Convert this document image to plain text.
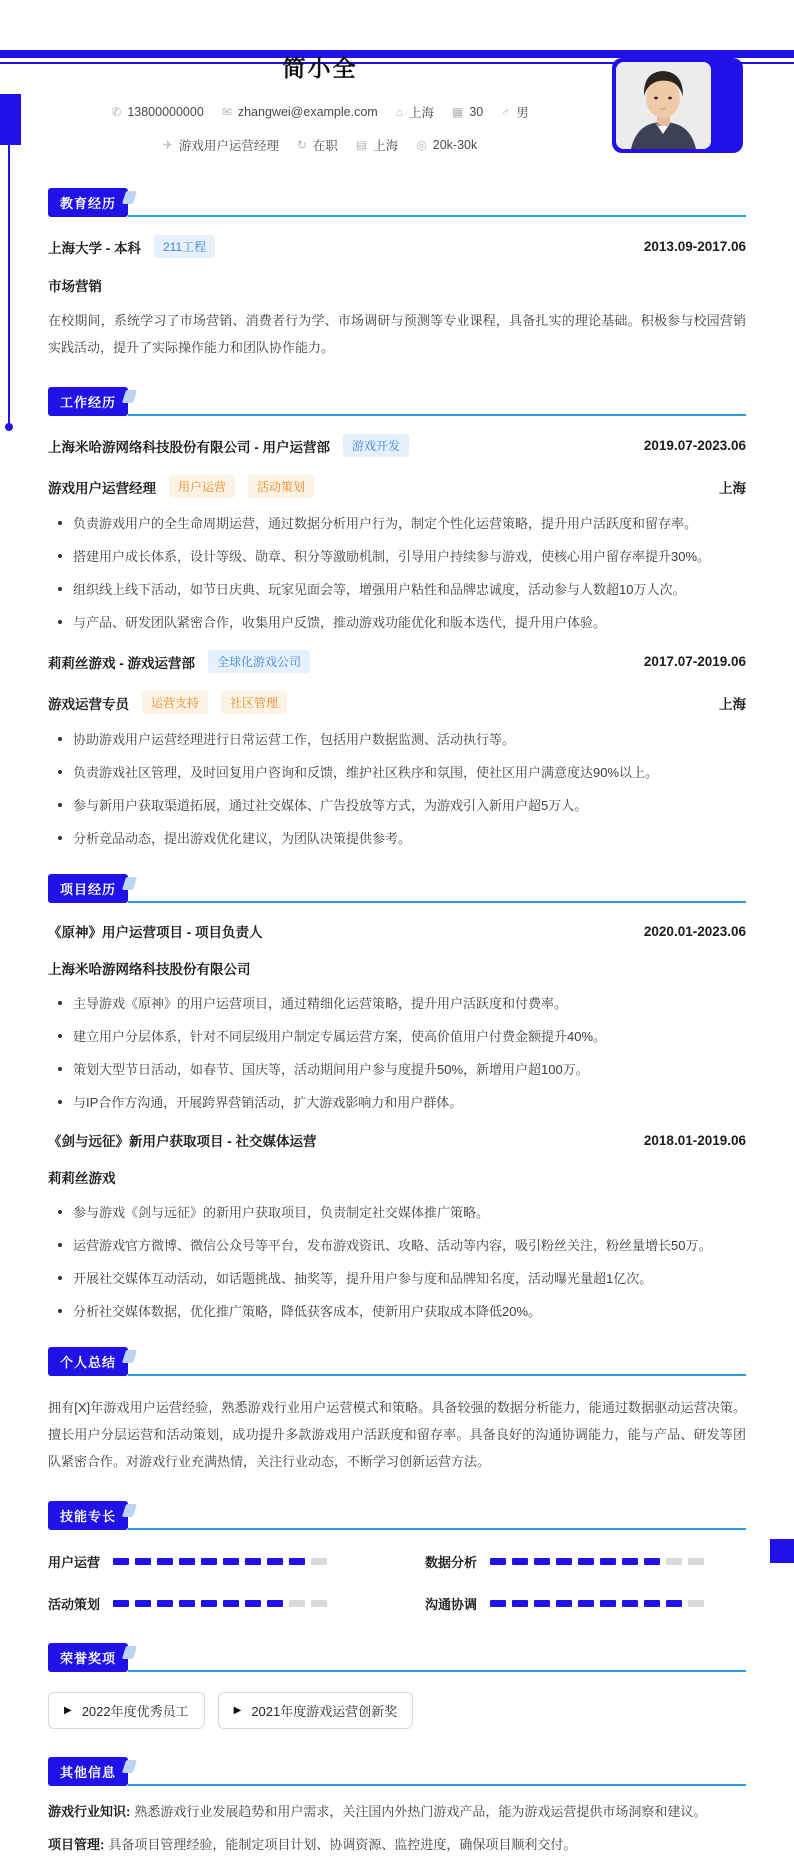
简小全
✆ 13800000000 ✉ zhangwei@example.com ⌂ 上海 ▦ 30 ♂ 男
✈ 游戏用户运营经理 ↻ 在职 ▤ 上海 ◎ 20k-30k
教育经历
上海大学 - 本科	211工程	2013.09-2017.06
市场营销
在校期间，系统学习了市场营销、消费者行为学、市场调研与预测等专业课程，具备扎实的理论基础。积极参与校园营销实践活动，提升了实际操作能力和团队协作能力。
工作经历
上海米哈游网络科技股份有限公司 - 用户运营部	游戏开发	2019.07-2023.06
游戏用户运营经理	用户运营	活动策划	上海
负责游戏用户的全生命周期运营，通过数据分析用户行为，制定个性化运营策略，提升用户活跃度和留存率。
搭建用户成长体系，设计等级、勋章、积分等激励机制，引导用户持续参与游戏，使核心用户留存率提升30%。
组织线上线下活动，如节日庆典、玩家见面会等，增强用户粘性和品牌忠诚度，活动参与人数超10万人次。
与产品、研发团队紧密合作，收集用户反馈，推动游戏功能优化和版本迭代，提升用户体验。
莉莉丝游戏 - 游戏运营部	全球化游戏公司	2017.07-2019.06
游戏运营专员	运营支持	社区管理	上海
协助游戏用户运营经理进行日常运营工作，包括用户数据监测、活动执行等。
负责游戏社区管理，及时回复用户咨询和反馈，维护社区秩序和氛围，使社区用户满意度达90%以上。
参与新用户获取渠道拓展，通过社交媒体、广告投放等方式，为游戏引入新用户超5万人。
分析竞品动态，提出游戏优化建议，为团队决策提供参考。
项目经历
《原神》用户运营项目 - 项目负责人	2020.01-2023.06
上海米哈游网络科技股份有限公司
主导游戏《原神》的用户运营项目，通过精细化运营策略，提升用户活跃度和付费率。
建立用户分层体系，针对不同层级用户制定专属运营方案，使高价值用户付费金额提升40%。
策划大型节日活动，如春节、国庆等，活动期间用户参与度提升50%，新增用户超100万。
与IP合作方沟通，开展跨界营销活动，扩大游戏影响力和用户群体。
《剑与远征》新用户获取项目 - 社交媒体运营	2018.01-2019.06
莉莉丝游戏
参与游戏《剑与远征》的新用户获取项目，负责制定社交媒体推广策略。
运营游戏官方微博、微信公众号等平台，发布游戏资讯、攻略、活动等内容，吸引粉丝关注，粉丝量增长50万。
开展社交媒体互动活动，如话题挑战、抽奖等，提升用户参与度和品牌知名度，活动曝光量超1亿次。
分析社交媒体数据，优化推广策略，降低获客成本，使新用户获取成本降低20%。
个人总结
拥有[X]年游戏用户运营经验，熟悉游戏行业用户运营模式和策略。具备较强的数据分析能力，能通过数据驱动运营决策。擅长用户分层运营和活动策划，成功提升多款游戏用户活跃度和留存率。具备良好的沟通协调能力，能与产品、研发等团队紧密合作。对游戏行业充满热情，关注行业动态，不断学习创新运营方法。
技能专长
用户运营	数据分析
活动策划	沟通协调
荣誉奖项
▶ 2022年度优秀员工	▶ 2021年度游戏运营创新奖
其他信息
游戏行业知识: 熟悉游戏行业发展趋势和用户需求，关注国内外热门游戏产品，能为游戏运营提供市场洞察和建议。
项目管理: 具备项目管理经验，能制定项目计划、协调资源、监控进度，确保项目顺利交付。
